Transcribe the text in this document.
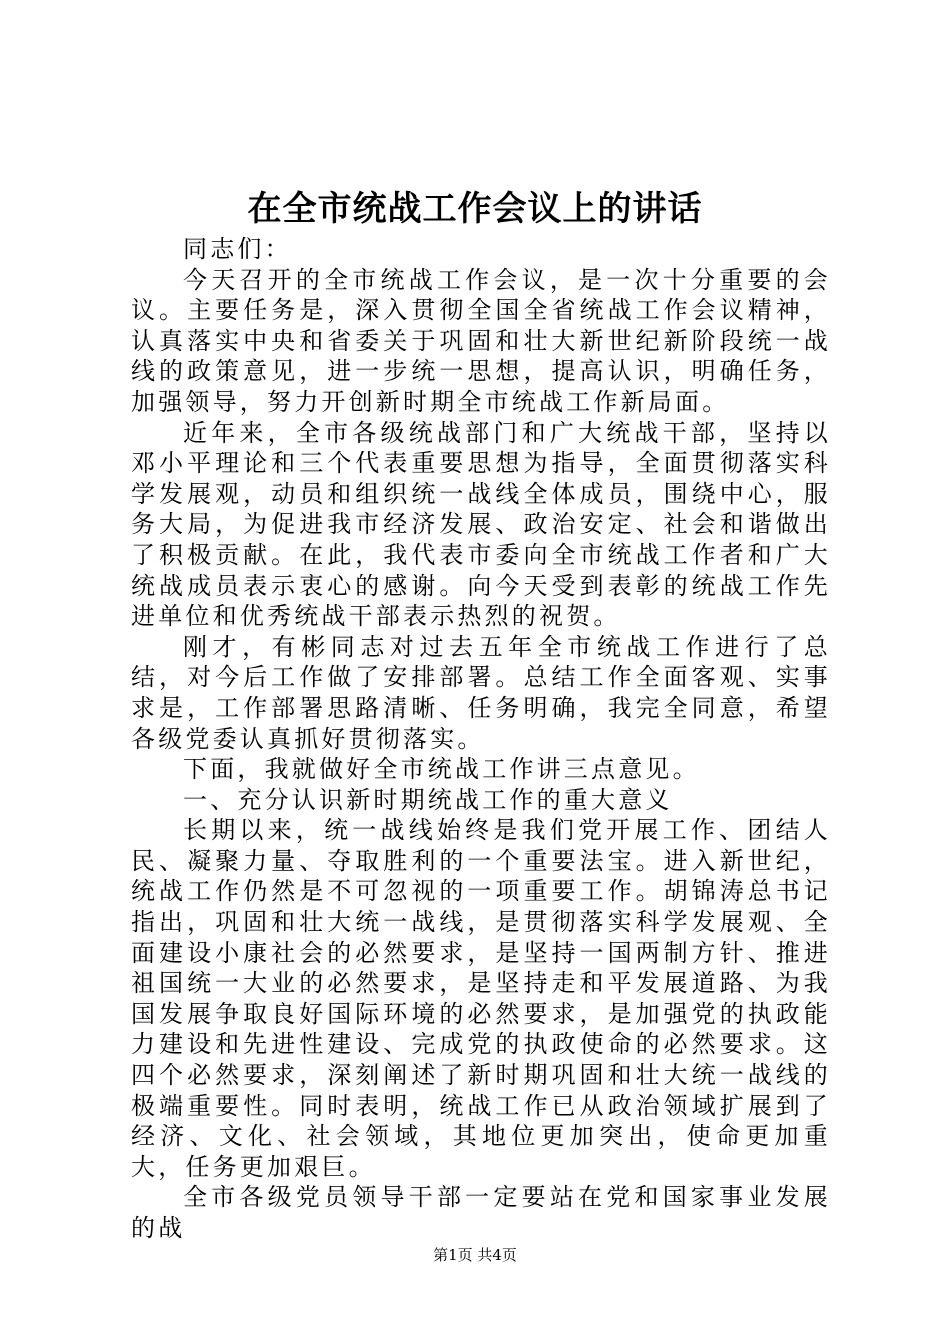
在全市统战工作会议上的讲话

同志们：

今天召开的全市统战工作会议，是一次十分重要的会议。主要任务是，深入贯彻全国全省统战工作会议精神，认真落实中央和省委关于巩固和壮大新世纪新阶段统一战线的政策意见，进一步统一思想，提高认识，明确任务，加强领导，努力开创新时期全市统战工作新局面。

近年来，全市各级统战部门和广大统战干部，坚持以邓小平理论和三个代表重要思想为指导，全面贯彻落实科学发展观，动员和组织统一战线全体成员，围绕中心，服务大局，为促进我市经济发展、政治安定、社会和谐做出了积极贡献。在此，我代表市委向全市统战工作者和广大统战成员表示衷心的感谢。向今天受到表彰的统战工作先进单位和优秀统战干部表示热烈的祝贺。

刚才，有彬同志对过去五年全市统战工作进行了总结，对今后工作做了安排部署。总结工作全面客观、实事求是，工作部署思路清晰、任务明确，我完全同意，希望各级党委认真抓好贯彻落实。

下面，我就做好全市统战工作讲三点意见。

一、充分认识新时期统战工作的重大意义

长期以来，统一战线始终是我们党开展工作、团结人民、凝聚力量、夺取胜利的一个重要法宝。进入新世纪，统战工作仍然是不可忽视的一项重要工作。胡锦涛总书记指出，巩固和壮大统一战线，是贯彻落实科学发展观、全面建设小康社会的必然要求，是坚持一国两制方针、推进祖国统一大业的必然要求，是坚持走和平发展道路、为我国发展争取良好国际环境的必然要求，是加强党的执政能力建设和先进性建设、完成党的执政使命的必然要求。这四个必然要求，深刻阐述了新时期巩固和壮大统一战线的极端重要性。同时表明，统战工作已从政治领域扩展到了经济、文化、社会领域，其地位更加突出，使命更加重大，任务更加艰巨。

全市各级党员领导干部一定要站在党和国家事业发展的战

第1页 共4页
